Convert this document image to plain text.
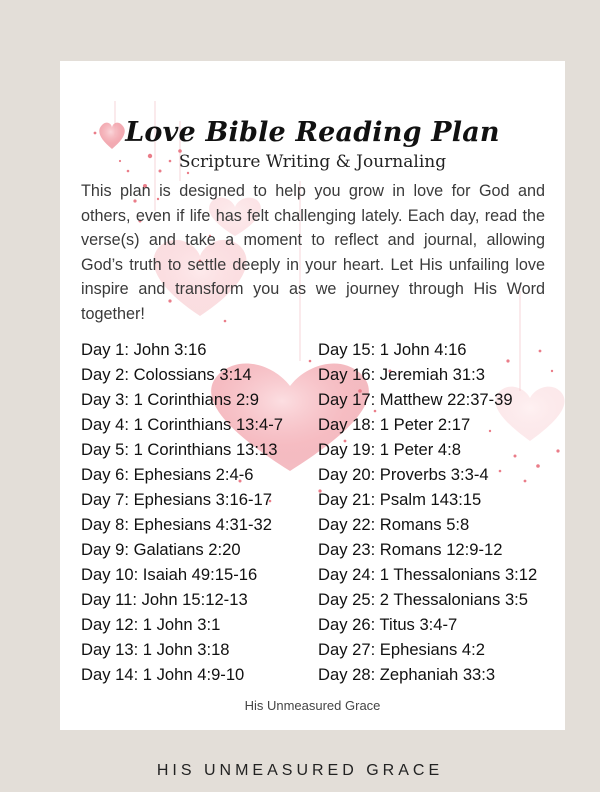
Love Bible Reading Plan
Scripture Writing & Journaling
This plan is designed to help you grow in love for God and others, even if life has felt challenging lately. Each day, read the verse(s) and take a moment to reflect and journal, allowing God’s truth to settle deeply in your heart. Let His unfailing love inspire and transform you as we journey through His Word together!
Day 1: John 3:16
Day 2: Colossians 3:14
Day 3: 1 Corinthians 2:9
Day 4: 1 Corinthians 13:4-7
Day 5: 1 Corinthians 13:13
Day 6: Ephesians 2:4-6
Day 7: Ephesians 3:16-17
Day 8: Ephesians 4:31-32
Day 9: Galatians 2:20
Day 10: Isaiah 49:15-16
Day 11: John 15:12-13
Day 12: 1 John 3:1
Day 13: 1 John 3:18
Day 14: 1 John 4:9-10
Day 15: 1 John 4:16
Day 16: Jeremiah 31:3
Day 17: Matthew 22:37-39
Day 18: 1 Peter 2:17
Day 19: 1 Peter 4:8
Day 20: Proverbs 3:3-4
Day 21: Psalm 143:15
Day 22: Romans 5:8
Day 23: Romans 12:9-12
Day 24: 1 Thessalonians 3:12
Day 25: 2 Thessalonians 3:5
Day 26: Titus 3:4-7
Day 27: Ephesians 4:2
Day 28: Zephaniah 33:3
His Unmeasured Grace
HIS UNMEASURED GRACE
